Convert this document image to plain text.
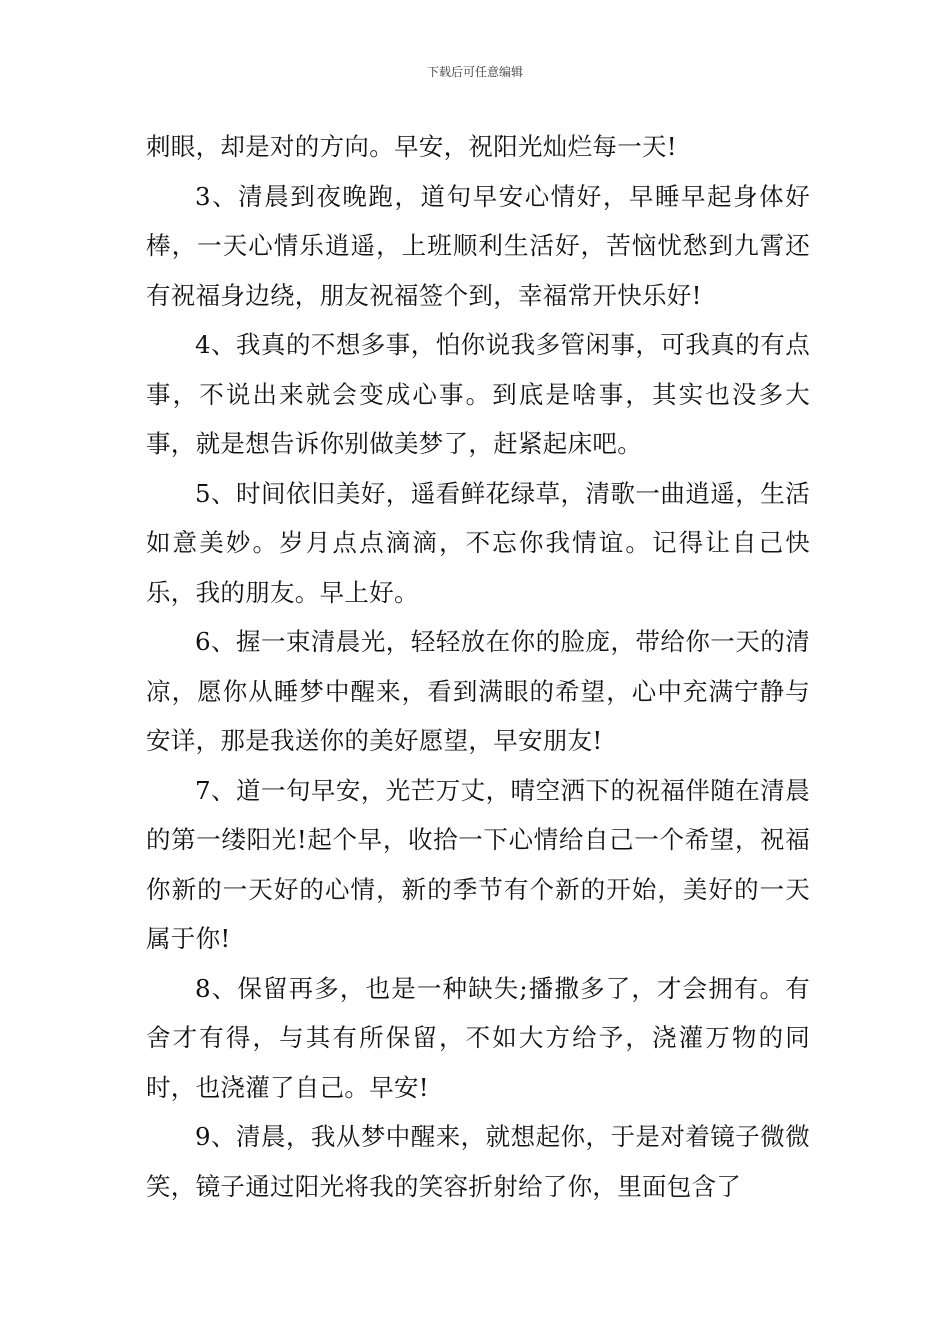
下载后可任意编辑

刺眼，却是对的方向。早安，祝阳光灿烂每一天!

3、清晨到夜晚跑，道句早安心情好，早睡早起身体好棒，一天心情乐逍遥，上班顺利生活好，苦恼忧愁到九霄还有祝福身边绕，朋友祝福签个到，幸福常开快乐好!

4、我真的不想多事，怕你说我多管闲事，可我真的有点事，不说出来就会变成心事。到底是啥事，其实也没多大事，就是想告诉你别做美梦了，赶紧起床吧。

5、时间依旧美好，遥看鲜花绿草，清歌一曲逍遥，生活如意美妙。岁月点点滴滴，不忘你我情谊。记得让自己快乐，我的朋友。早上好。

6、握一束清晨光，轻轻放在你的脸庞，带给你一天的清凉，愿你从睡梦中醒来，看到满眼的希望，心中充满宁静与安详，那是我送你的美好愿望，早安朋友!

7、道一句早安，光芒万丈，晴空洒下的祝福伴随在清晨的第一缕阳光!起个早，收拾一下心情给自己一个希望，祝福你新的一天好的心情，新的季节有个新的开始，美好的一天属于你!

8、保留再多，也是一种缺失;播撒多了，才会拥有。有舍才有得，与其有所保留，不如大方给予，浇灌万物的同时，也浇灌了自己。早安!

9、清晨，我从梦中醒来，就想起你，于是对着镜子微微笑，镜子通过阳光将我的笑容折射给了你，里面包含了
